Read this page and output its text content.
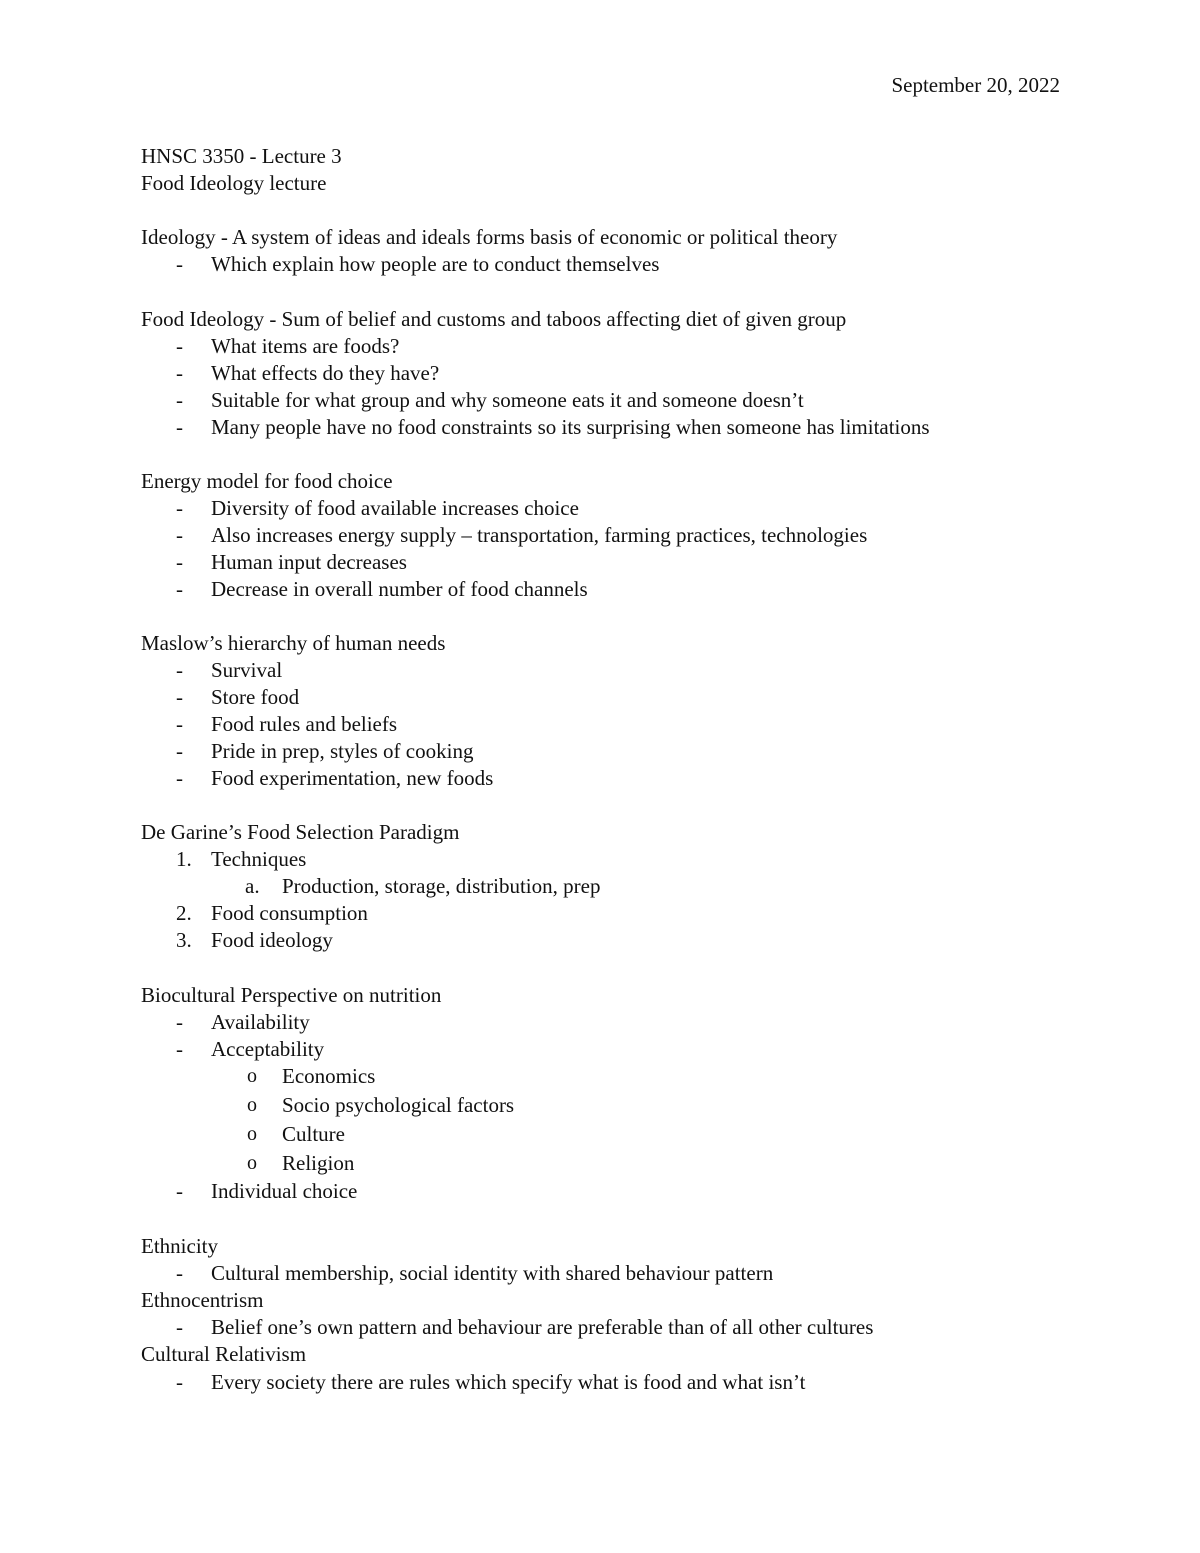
September 20, 2022
HNSC 3350 - Lecture 3
Food Ideology lecture
Ideology - A system of ideas and ideals forms basis of economic or political theory
- Which explain how people are to conduct themselves
Food Ideology - Sum of belief and customs and taboos affecting diet of given group
- What items are foods?
- What effects do they have?
- Suitable for what group and why someone eats it and someone doesn’t
- Many people have no food constraints so its surprising when someone has limitations
Energy model for food choice
- Diversity of food available increases choice
- Also increases energy supply – transportation, farming practices, technologies
- Human input decreases
- Decrease in overall number of food channels
Maslow’s hierarchy of human needs
- Survival
- Store food
- Food rules and beliefs
- Pride in prep, styles of cooking
- Food experimentation, new foods
De Garine’s Food Selection Paradigm
1. Techniques
a. Production, storage, distribution, prep
2. Food consumption
3. Food ideology
Biocultural Perspective on nutrition
- Availability
- Acceptability
o Economics
o Socio psychological factors
o Culture
o Religion
- Individual choice
Ethnicity
- Cultural membership, social identity with shared behaviour pattern
Ethnocentrism
- Belief one’s own pattern and behaviour are preferable than of all other cultures
Cultural Relativism
- Every society there are rules which specify what is food and what isn’t
